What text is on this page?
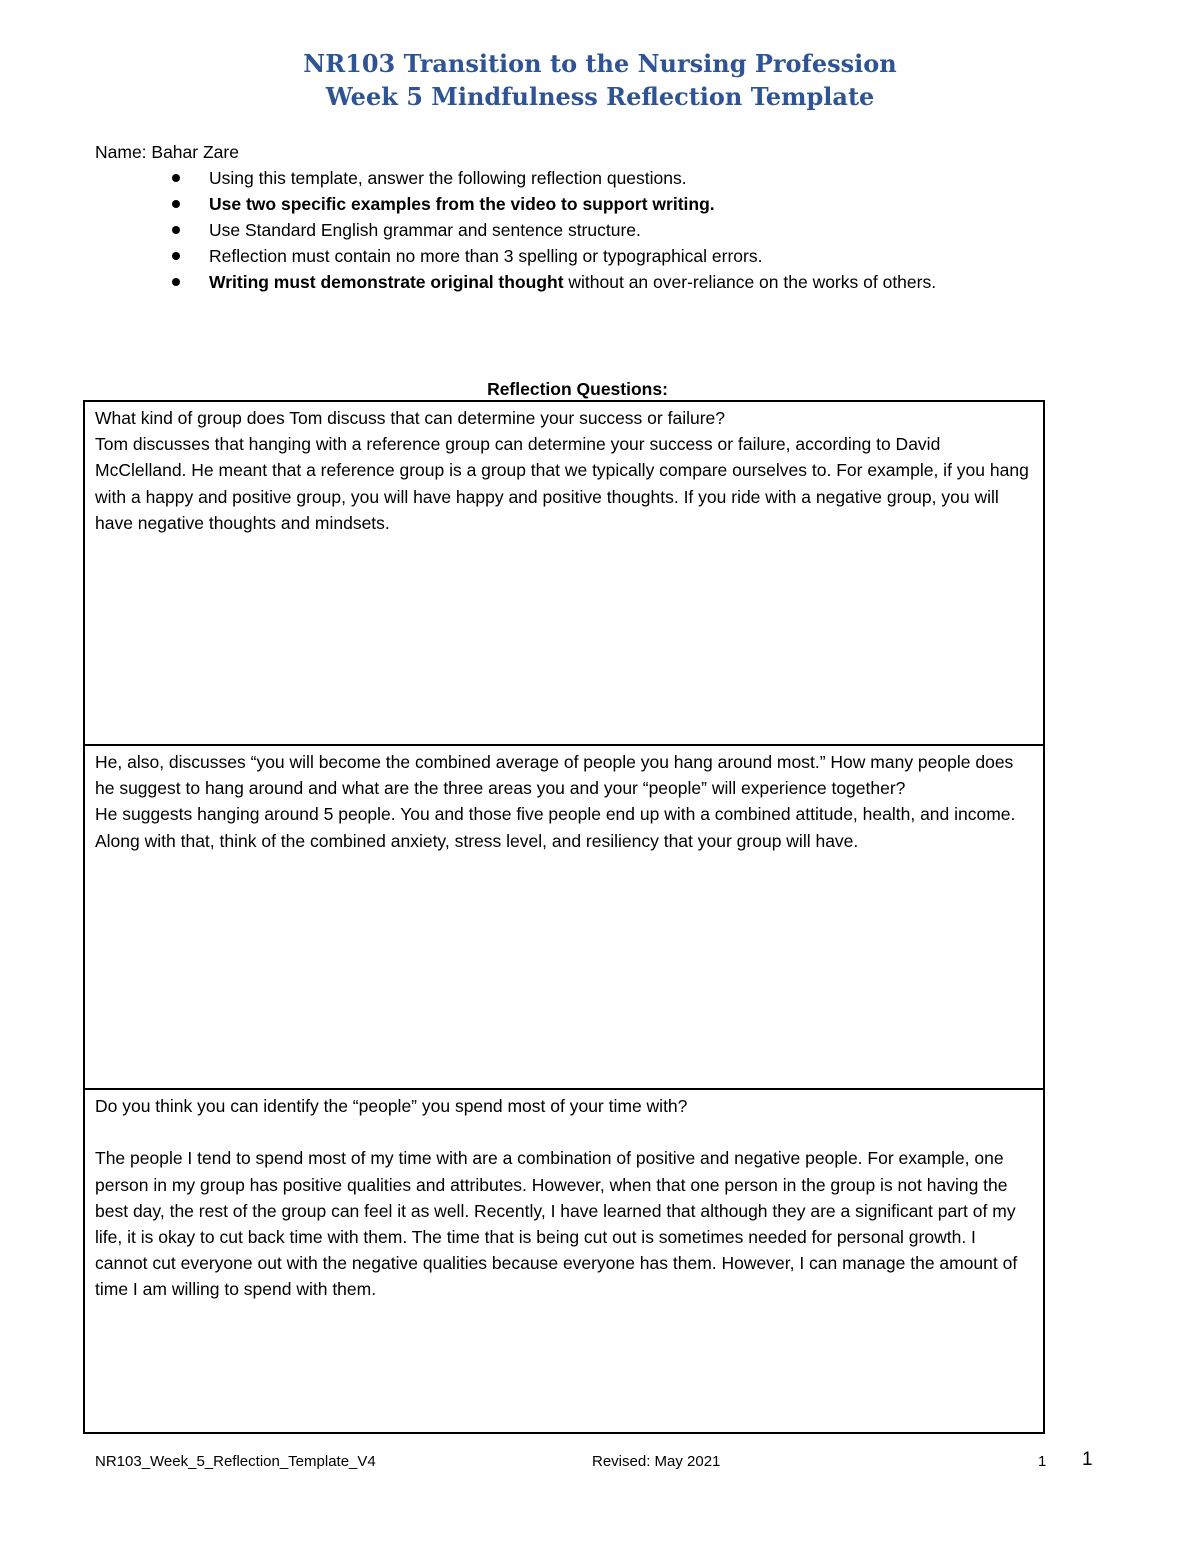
NR103 Transition to the Nursing Profession
Week 5 Mindfulness Reflection Template
Name: Bahar Zare
Using this template, answer the following reflection questions.
Use two specific examples from the video to support writing.
Use Standard English grammar and sentence structure.
Reflection must contain no more than 3 spelling or typographical errors.
Writing must demonstrate original thought without an over-reliance on the works of others.
Reflection Questions:

What kind of group does Tom discuss that can determine your success or failure?

Tom discusses that hanging with a reference group can determine your success or failure, according to David McClelland. He meant that a reference group is a group that we typically compare ourselves to. For example, if you hang with a happy and positive group, you will have happy and positive thoughts. If you ride with a negative group, you will have negative thoughts and mindsets.

He, also, discusses “you will become the combined average of people you hang around most.” How many people does he suggest to hang around and what are the three areas you and your “people” will experience together?

He suggests hanging around 5 people. You and those five people end up with a combined attitude, health, and income. Along with that, think of the combined anxiety, stress level, and resiliency that your group will have.

Do you think you can identify the “people” you spend most of your time with?

The people I tend to spend most of my time with are a combination of positive and negative people. For example, one person in my group has positive qualities and attributes. However, when that one person in the group is not having the best day, the rest of the group can feel it as well. Recently, I have learned that although they are a significant part of my life, it is okay to cut back time with them. The time that is being cut out is sometimes needed for personal growth. I cannot cut everyone out with the negative qualities because everyone has them. However, I can manage the amount of time I am willing to spend with them.

NR103_Week_5_Reflection_Template_V4	Revised: May 2021	1 1
